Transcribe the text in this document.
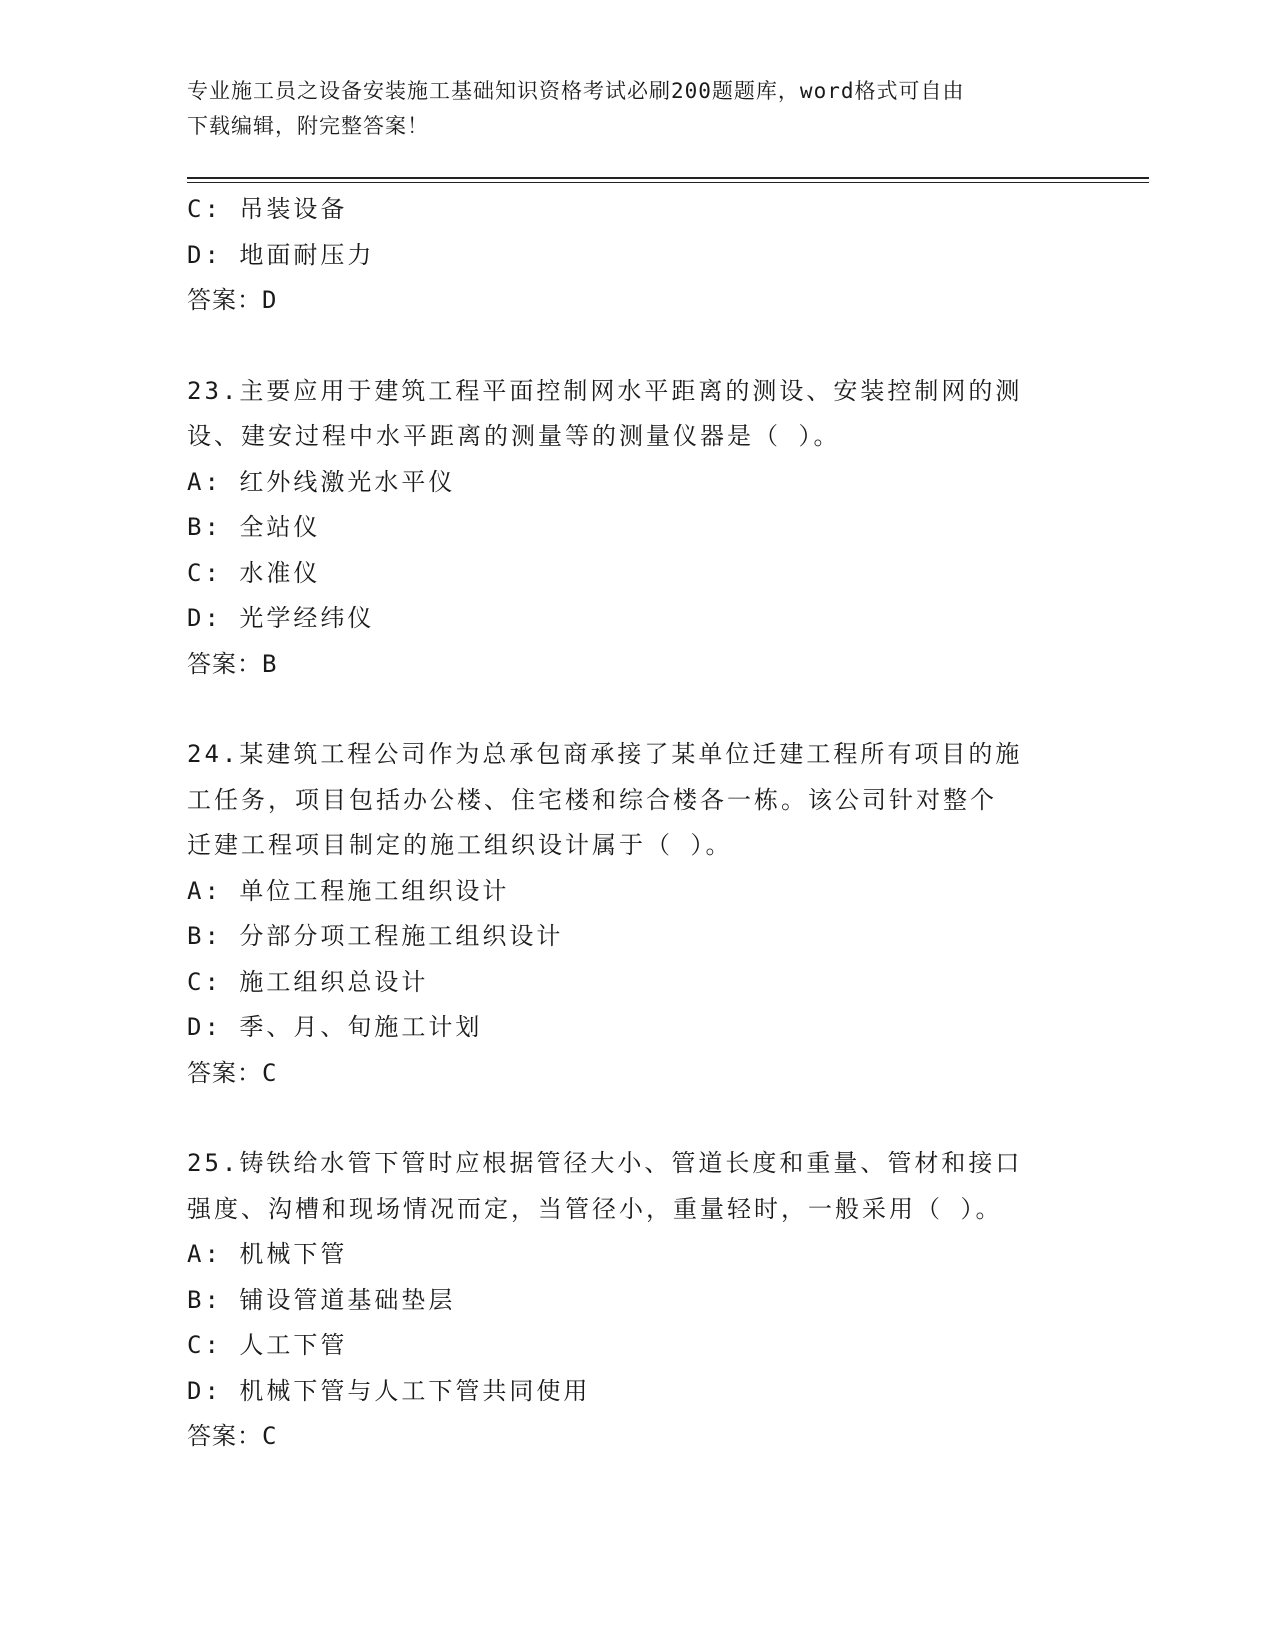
专业施工员之设备安装施工基础知识资格考试必刷200题题库，word格式可自由
下载编辑，附完整答案！
C: 吊装设备
D: 地面耐压力
答案：D
23.主要应用于建筑工程平面控制网水平距离的测设、安装控制网的测
设、建安过程中水平距离的测量等的测量仪器是（ ）。
A: 红外线激光水平仪
B: 全站仪
C: 水准仪
D: 光学经纬仪
答案：B
24.某建筑工程公司作为总承包商承接了某单位迁建工程所有项目的施
工任务，项目包括办公楼、住宅楼和综合楼各一栋。该公司针对整个
迁建工程项目制定的施工组织设计属于（ ）。
A: 单位工程施工组织设计
B: 分部分项工程施工组织设计
C: 施工组织总设计
D: 季、月、旬施工计划
答案：C
25.铸铁给水管下管时应根据管径大小、管道长度和重量、管材和接口
强度、沟槽和现场情况而定，当管径小，重量轻时，一般采用（ ）。
A: 机械下管
B: 铺设管道基础垫层
C: 人工下管
D: 机械下管与人工下管共同使用
答案：C
